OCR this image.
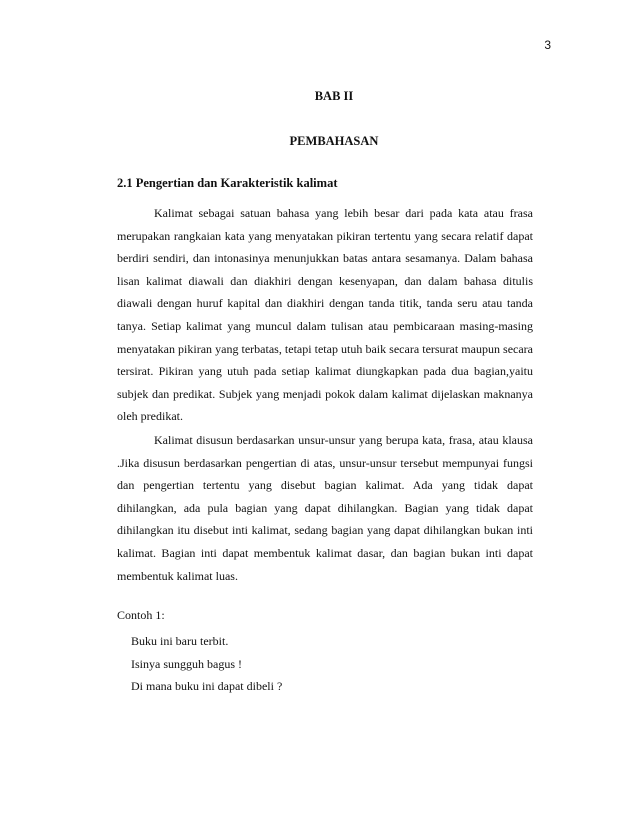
3
BAB II
PEMBAHASAN
2.1 Pengertian dan Karakteristik kalimat

Kalimat sebagai satuan bahasa yang lebih besar dari pada kata atau frasa merupakan rangkaian kata yang menyatakan pikiran tertentu yang secara relatif dapat berdiri sendiri, dan intonasinya menunjukkan batas antara sesamanya. Dalam bahasa lisan kalimat diawali dan diakhiri dengan kesenyapan, dan dalam bahasa ditulis diawali dengan huruf kapital dan diakhiri dengan tanda titik, tanda seru atau tanda tanya. Setiap kalimat yang muncul dalam tulisan atau pembicaraan masing-masing menyatakan pikiran yang terbatas, tetapi tetap utuh baik secara tersurat maupun secara tersirat. Pikiran yang utuh pada setiap kalimat diungkapkan pada dua bagian,yaitu subjek dan predikat. Subjek yang menjadi pokok dalam kalimat dijelaskan maknanya oleh predikat.

Kalimat disusun berdasarkan unsur-unsur yang berupa kata, frasa, atau klausa .Jika disusun berdasarkan pengertian di atas, unsur-unsur tersebut mempunyai fungsi dan pengertian tertentu yang disebut bagian kalimat. Ada yang tidak dapat dihilangkan, ada pula bagian yang dapat dihilangkan. Bagian yang tidak dapat dihilangkan itu disebut inti kalimat, sedang bagian yang dapat dihilangkan bukan inti kalimat. Bagian inti dapat membentuk kalimat dasar, dan bagian bukan inti dapat membentuk kalimat luas.

Contoh 1:
Buku ini baru terbit.
Isinya sungguh bagus !
Di mana buku ini dapat dibeli ?
